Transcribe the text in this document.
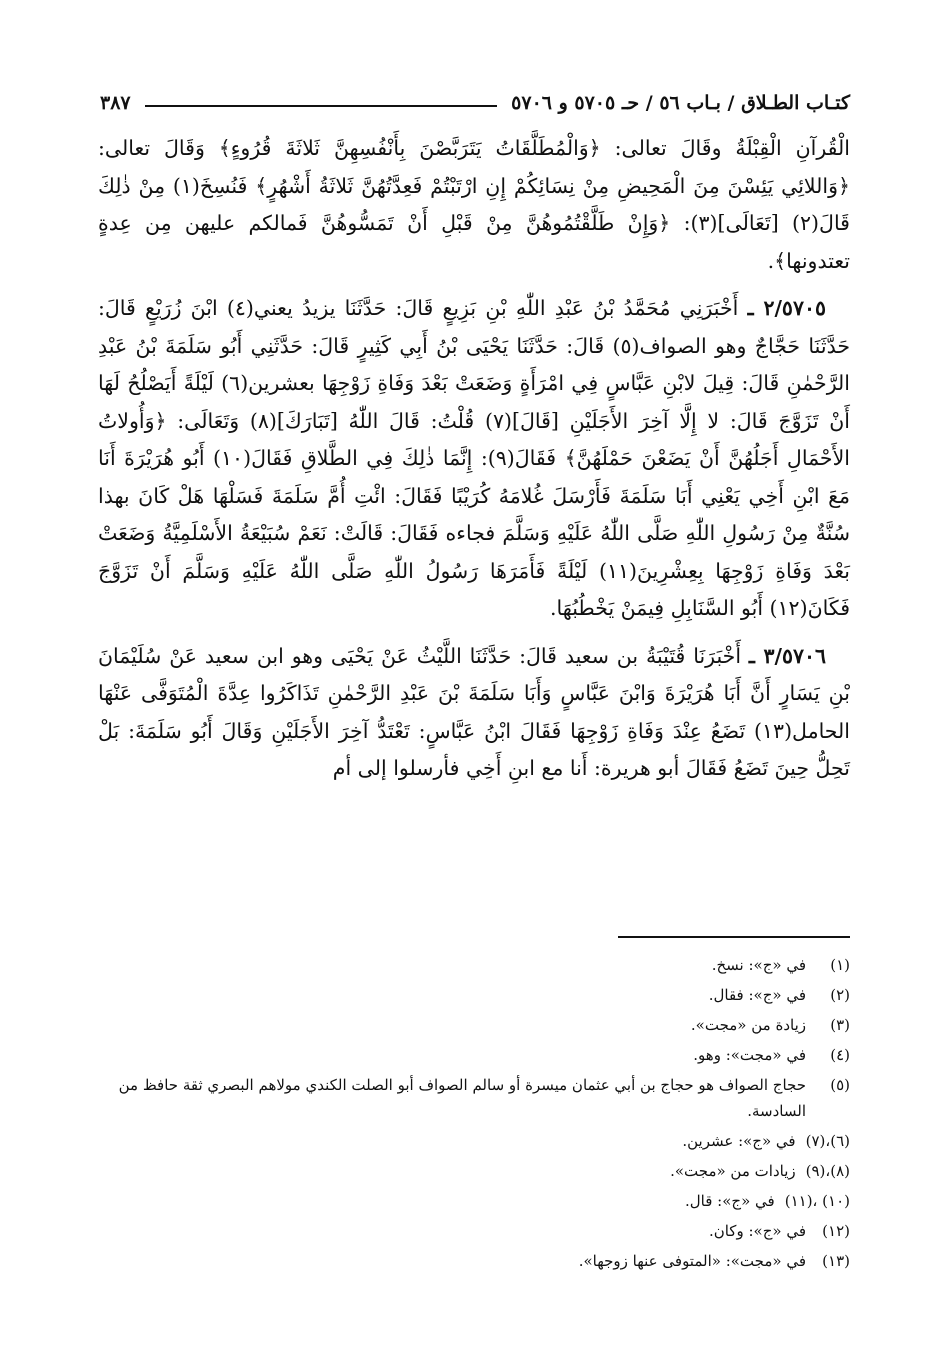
كتـاب الطـلاق / بـاب ٥٦ / حـ ٥٧٠٥ و ٥٧٠٦
٣٨٧

الْقُرآنِ الْقِبْلَةُ وقَالَ تعالى: ﴿وَالْمُطَلَّقَاتُ يَتَرَبَّصْنَ بِأَنْفُسِهِنَّ ثَلاثَةَ قُرُوءٍ﴾ وَقَالَ تعالى: ﴿وَاللائِي يَئِسْنَ مِنَ الْمَحِيضِ مِنْ نِسَائِكُمْ إِنِ ارْتَبْتُمْ فَعِدَّتُهُنَّ ثَلاثَةُ أَشْهُرٍ﴾ فَنُسِخَ(١) مِنْ ذٰلِكَ قَالَ(٢) [تَعَالَى](٣): ﴿وَإِنْ طَلَّقْتُمُوهُنَّ مِنْ قَبْلِ أَنْ تَمَسُّوهُنَّ فَمالكم عليهن مِن عِدةٍ تعتدونها﴾.

٢/٥٧٠٥ ـ أَخْبَرَنِي مُحَمَّدُ بْنُ عَبْدِ اللّٰهِ بْنِ بَزِيعٍ قَالَ: حَدَّثَنَا يزيدُ يعني(٤) ابْنَ زُرَيْعٍ قَالَ: حَدَّثَنَا حَجَّاجٌ وهو الصواف(٥) قَالَ: حَدَّثَنَا يَحْيَى بْنُ أَبِي كَثِيرٍ قَالَ: حَدَّثَنِي أَبُو سَلَمَةَ بْنُ عَبْدِ الرَّحْمٰنِ قَالَ: قِيلَ لابْنِ عَبَّاسٍ فِي امْرَأَةٍ وَضَعَتْ بَعْدَ وَفَاةِ زَوْجِهَا بعشرين(٦) لَيْلَةً أَيَصْلُحُ لَهَا أَنْ تَزَوَّجَ قَالَ: لا إِلَّا آخِرَ الأَجَلَيْنِ [قَالَ](٧) قُلْتُ: قَالَ اللّٰهُ [تَبَارَكَ](٨) وَتَعَالَى: ﴿وَأُولاتُ الأَحْمَالِ أَجَلُهُنَّ أَنْ يَضَعْنَ حَمْلَهُنَّ﴾ فَقَالَ(٩): إِنَّمَا ذٰلِكَ فِي الطَّلاقِ فَقَالَ(١٠) أَبُو هُرَيْرَةَ أَنَا مَعَ ابْنِ أَخِي يَعْنِي أَبَا سَلَمَةَ فَأَرْسَلَ غُلامَهُ كُرَيْبًا فَقَالَ: ائْتِ أُمَّ سَلَمَةَ فَسَلْهَا هَلْ كَانَ بهذا سُنَّةٌ مِنْ رَسُولِ اللّٰهِ صَلَّى اللّٰهُ عَلَيْهِ وَسَلَّمَ فجاءه فَقَالَ: قَالَتْ: نَعَمْ سُبَيْعَةُ الأَسْلَمِيَّةُ وَضَعَتْ بَعْدَ وَفَاةِ زَوْجِهَا بِعِشْرِينَ(١١) لَيْلَةً فَأَمَرَهَا رَسُولُ اللّٰهِ صَلَّى اللّٰهُ عَلَيْهِ وَسَلَّمَ أَنْ تَزَوَّجَ فَكَانَ(١٢) أَبُو السَّنَابِلِ فِيمَنْ يَخْطُبُهَا.

٣/٥٧٠٦ ـ أَخْبَرَنَا قُتَيْبَةُ بن سعيد قَالَ: حَدَّثَنَا اللَّيْثُ عَنْ يَحْيَى وهو ابن سعيد عَنْ سُلَيْمَانَ بْنِ يَسَارٍ أَنَّ أَبَا هُرَيْرَةَ وَابْنَ عَبَّاسٍ وَأَبَا سَلَمَةَ بْنَ عَبْدِ الرَّحْمٰنِ تَذَاكَرُوا عِدَّةَ الْمُتَوَفَّى عَنْهَا الحامل(١٣) تَضَعُ عِنْدَ وَفَاةِ زَوْجِهَا فَقَالَ ابْنُ عَبَّاسٍ: تَعْتَدُّ آخِرَ الأَجَلَيْنِ وَقَالَ أَبُو سَلَمَةَ: بَلْ تَحِلُّ حِينَ تَضَعُ فَقَالَ أبو هريرة: أَنا مع ابنِ أَخِي فأرسلوا إلى أم

(١)
في «ج»: نسخ.
(٢)
في «ج»: فقال.
(٣)
زيادة من «مجت».
(٤)
في «مجت»: وهو.
(٥)
حجاج الصواف هو حجاج بن أبي عثمان ميسرة أو سالم الصواف أبو الصلت الكندي مولاهم البصري ثقة حافظ من السادسة.
(٦)،(٧)
في «ج»: عشرين.
(٨)،(٩)
زيادات من «مجت».
(١٠) ،(١١)
في «ج»: قال.
(١٢)
في «ج»: وكان.
(١٣)
في «مجت»: «المتوفى عنها زوجها».
